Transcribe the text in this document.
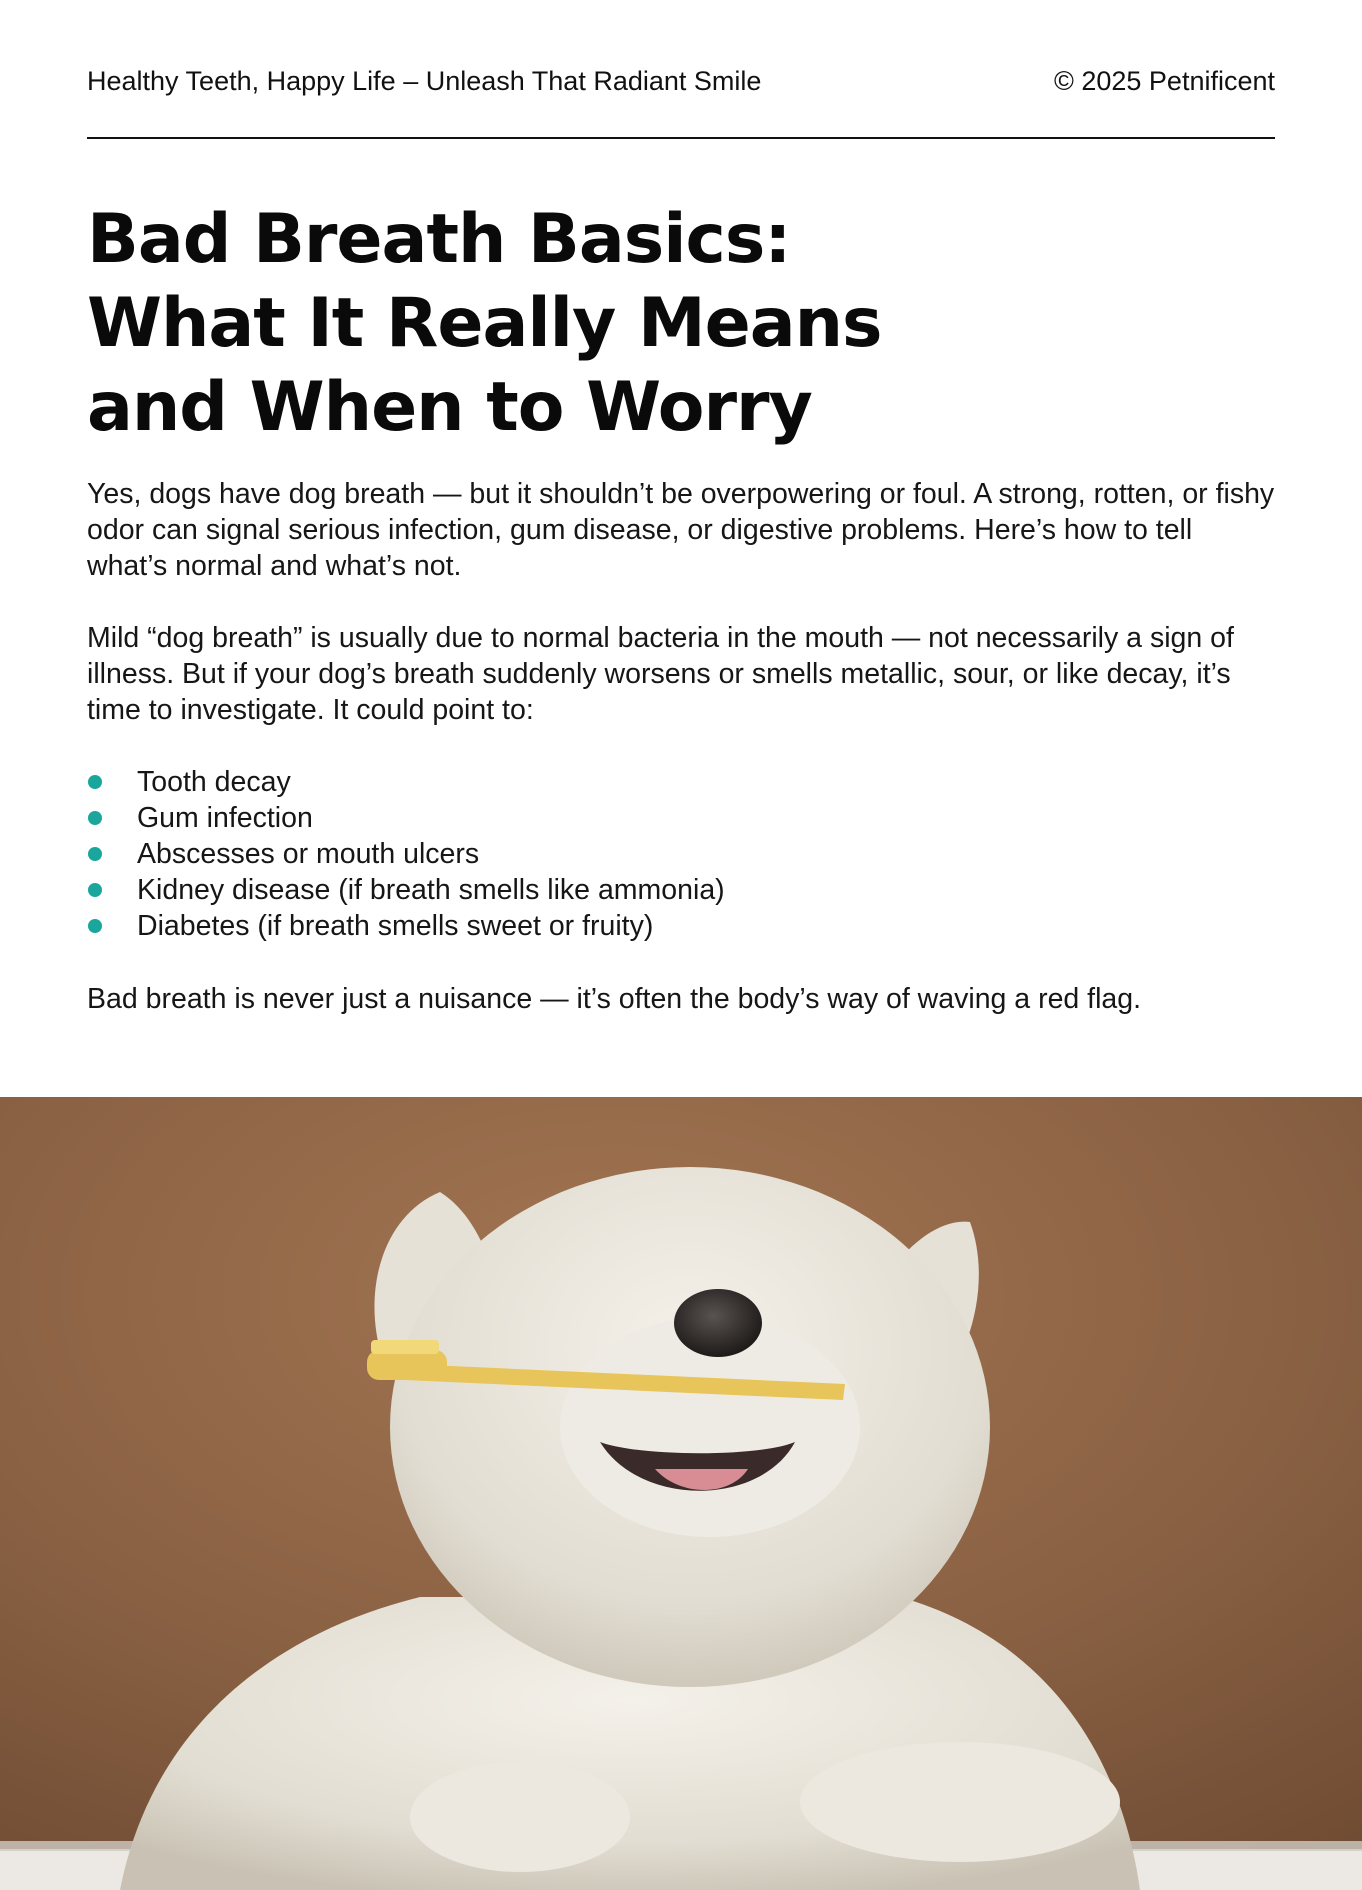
Healthy Teeth, Happy Life – Unleash That Radiant Smile	© 2025 Petnificent
Bad Breath Basics:
What It Really Means
and When to Worry

Yes, dogs have dog breath — but it shouldn’t be overpowering or foul. A strong, rotten, or fishy odor can signal serious infection, gum disease, or digestive problems. Here’s how to tell what’s normal and what’s not.

Mild “dog breath” is usually due to normal bacteria in the mouth — not necessarily a sign of illness. But if your dog’s breath suddenly worsens or smells metallic, sour, or like decay, it’s time to investigate. It could point to:

Tooth decay
Gum infection
Abscesses or mouth ulcers
Kidney disease (if breath smells like ammonia)
Diabetes (if breath smells sweet or fruity)

Bad breath is never just a nuisance — it’s often the body’s way of waving a red flag.
